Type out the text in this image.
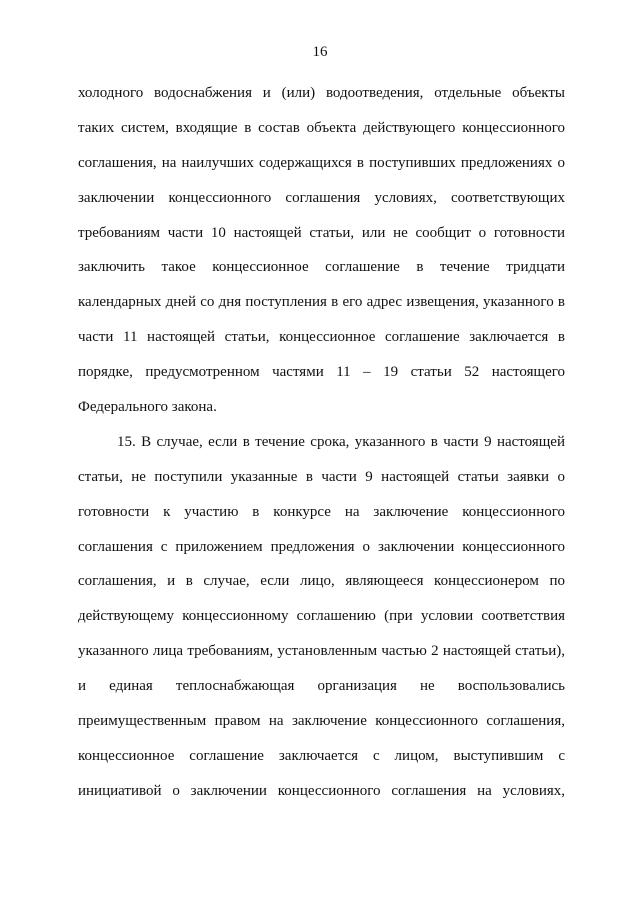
16
холодного водоснабжения и (или) водоотведения, отдельные объекты
таких систем, входящие в состав объекта действующего концессионного
соглашения, на наилучших содержащихся в поступивших предложениях о
заключении концессионного соглашения условиях, соответствующих
требованиям части 10 настоящей статьи, или не сообщит о готовности
заключить такое концессионное соглашение в течение тридцати
календарных дней со дня поступления в его адрес извещения, указанного в
части 11 настоящей статьи, концессионное соглашение заключается в
порядке, предусмотренном частями 11 – 19 статьи 52 настоящего
Федерального закона.
15. В случае, если в течение срока, указанного в части 9 настоящей
статьи, не поступили указанные в части 9 настоящей статьи заявки о
готовности к участию в конкурсе на заключение концессионного
соглашения с приложением предложения о заключении концессионного
соглашения, и в случае, если лицо, являющееся концессионером по
действующему концессионному соглашению (при условии соответствия
указанного лица требованиям, установленным частью 2 настоящей статьи),
и единая теплоснабжающая организация не воспользовались
преимущественным правом на заключение концессионного соглашения,
концессионное соглашение заключается с лицом, выступившим с
инициативой о заключении концессионного соглашения на условиях,
